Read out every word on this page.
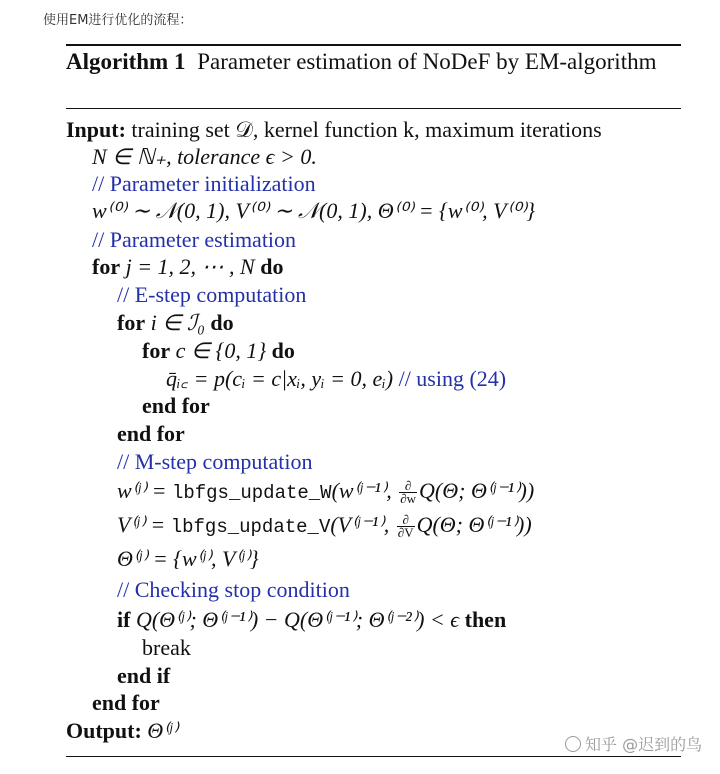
使用EM进行优化的流程：
Algorithm 1 Parameter estimation of NoDeF by EM-algorithm
Input: training set 𝒟, kernel function k, maximum iterations
N ∈ ℕ₊, tolerance ϵ > 0.
// Parameter initialization
w⁽⁰⁾ ∼ 𝒩(0, 1), V⁽⁰⁾ ∼ 𝒩(0, 1), Θ⁽⁰⁾ = {w⁽⁰⁾, V⁽⁰⁾}
// Parameter estimation
for j = 1, 2, ⋯ , N do
// E-step computation
for i ∈ ℐ₀ do
for c ∈ {0, 1} do
q̄ᵢ꜀ = p(cᵢ = c|xᵢ, yᵢ = 0, eᵢ) // using (24)
end for
end for
// M-step computation
w⁽ʲ⁾ = lbfgs_update_W(w⁽ʲ⁻¹⁾, $\frac{\partial}{\partial w} Q(\Theta$; Θ⁽ʲ⁻¹⁾))
V⁽ʲ⁾ = lbfgs_update_V(V⁽ʲ⁻¹⁾, $\frac{\partial}{\partial V} Q(\Theta$; Θ⁽ʲ⁻¹⁾))
Θ⁽ʲ⁾ = {w⁽ʲ⁾, V⁽ʲ⁾}
// Checking stop condition
if Q(Θ⁽ʲ⁾; Θ⁽ʲ⁻¹⁾) − Q(Θ⁽ʲ⁻¹⁾; Θ⁽ʲ⁻²⁾) < ϵ then
break
end if
end for
Output: Θ⁽ʲ⁾
知乎 @迟到的鸟
